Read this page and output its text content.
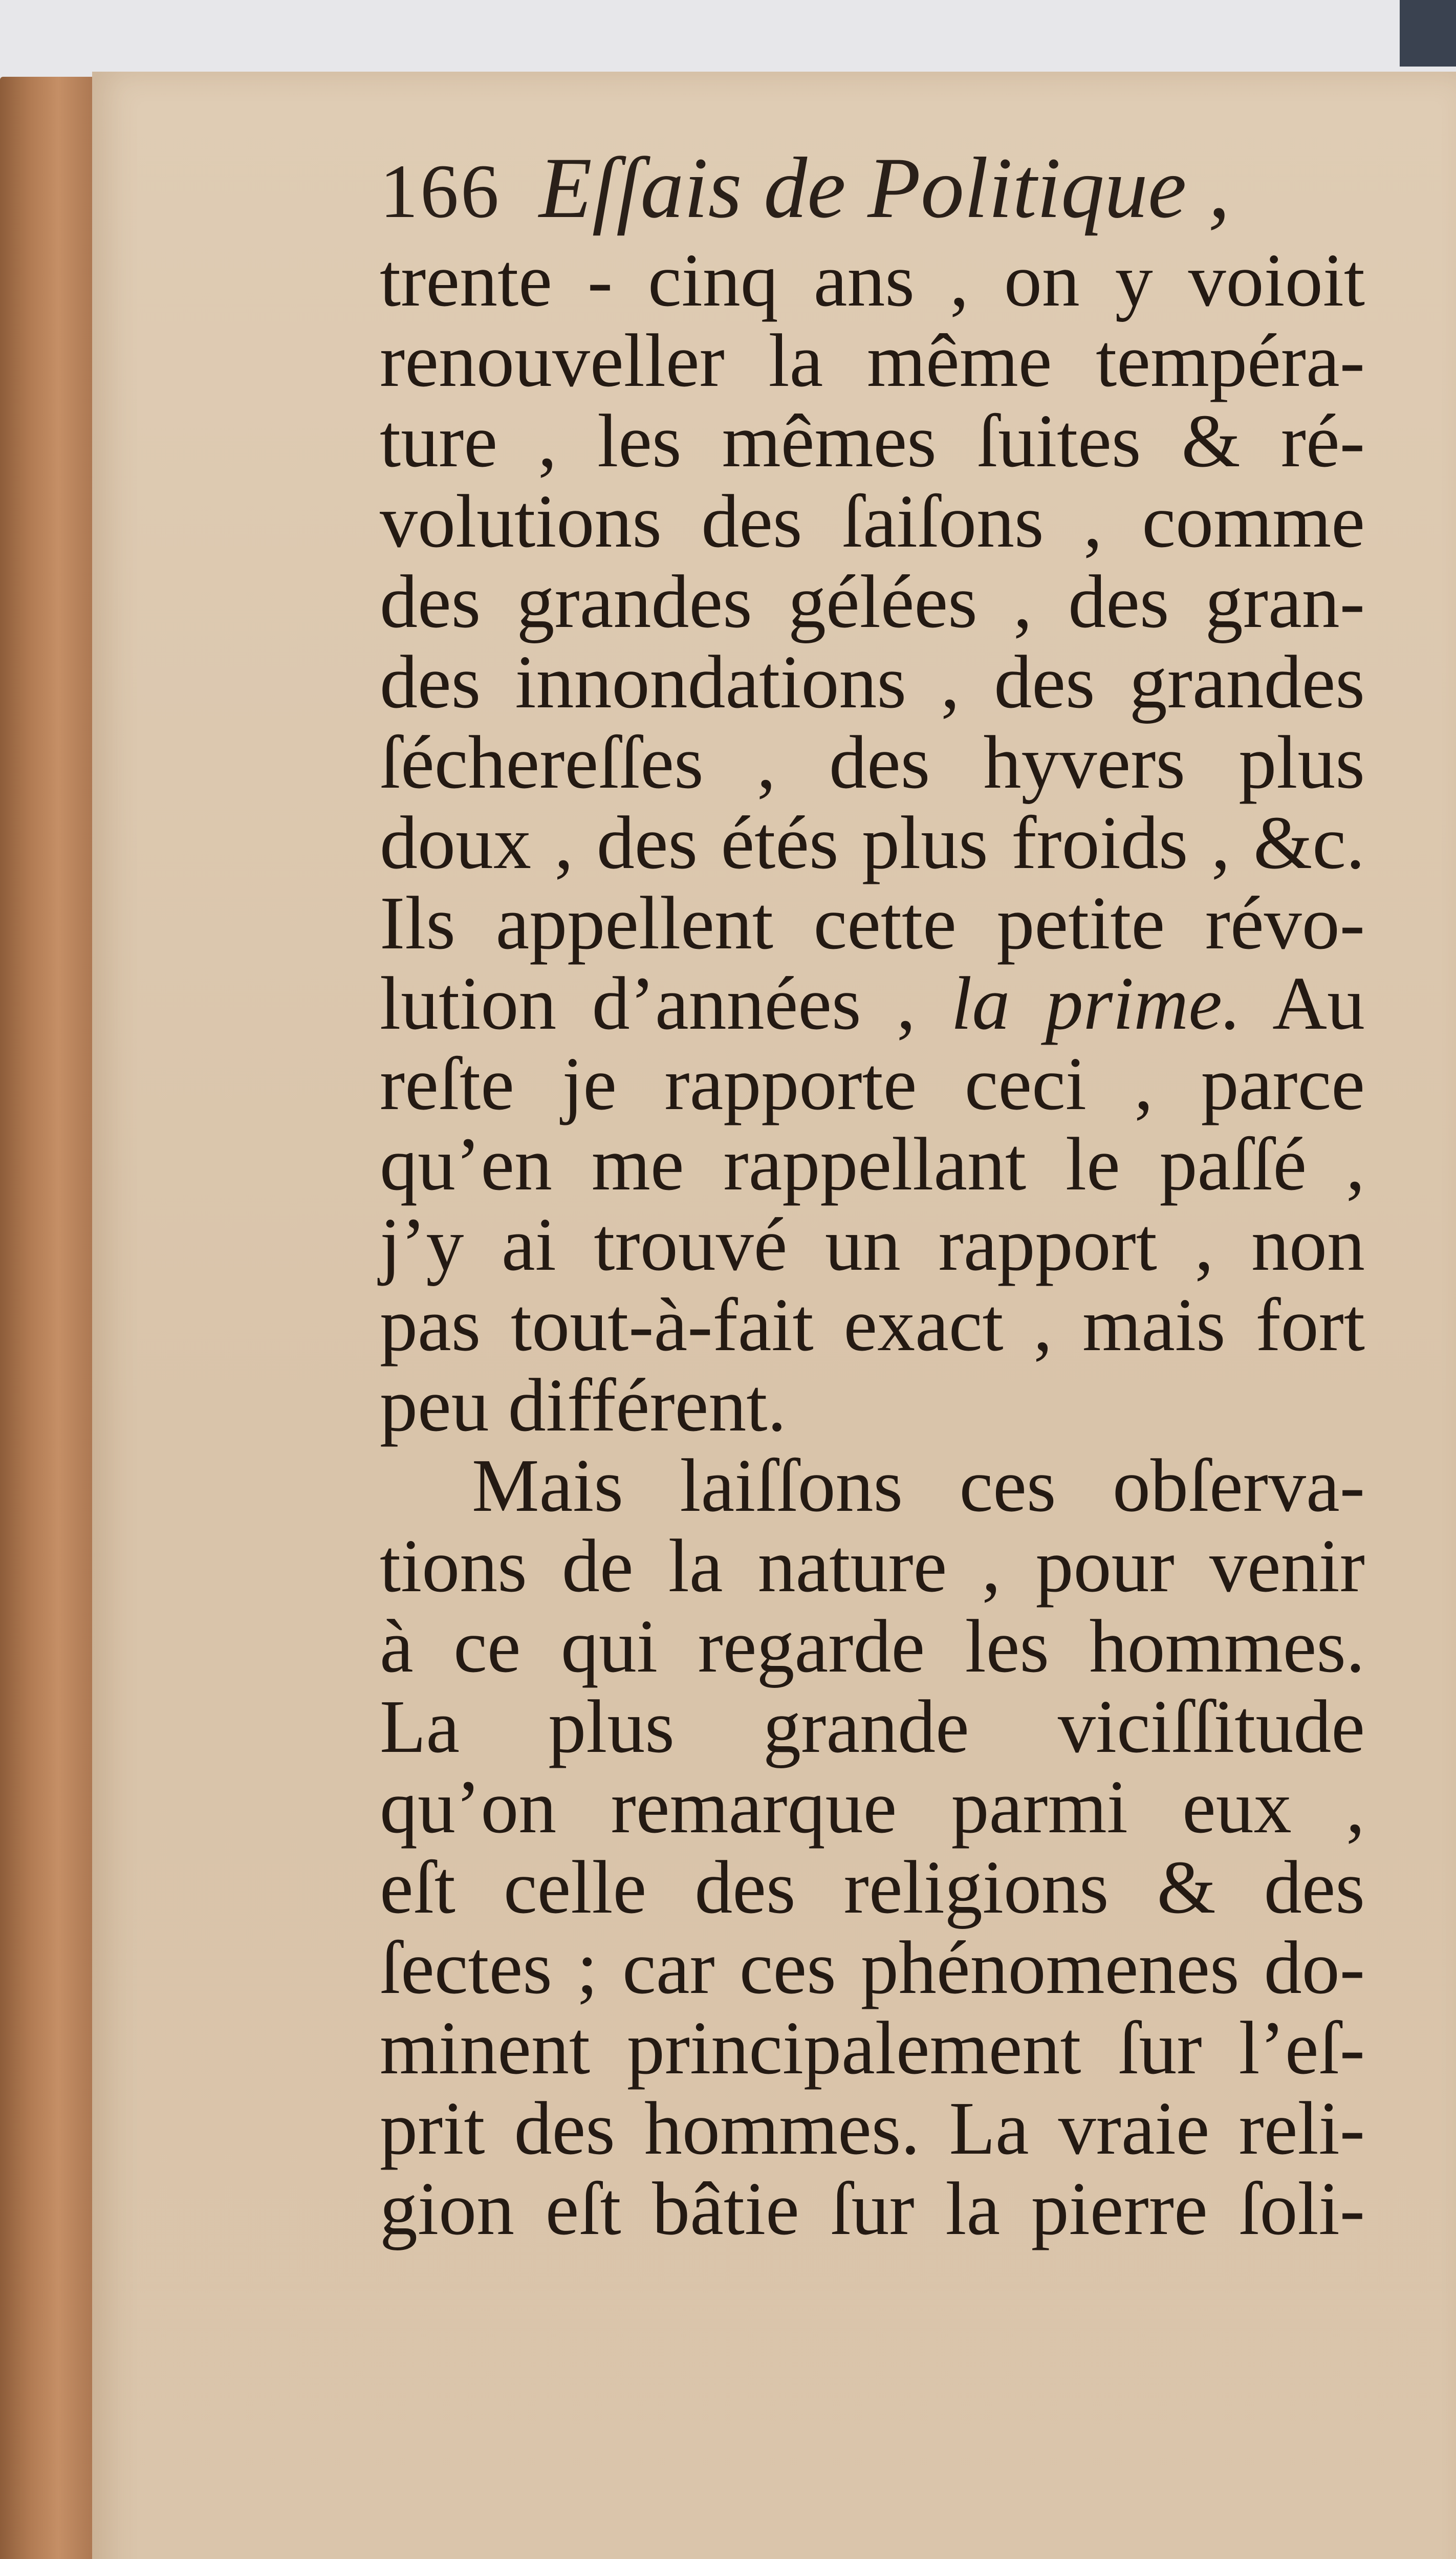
166 Eſſais de Politique ,
trente - cinq ans , on y voioit
renouveller la même tempéra-
ture , les mêmes ſuites & ré-
volutions des ſaiſons , comme
des grandes gélées , des gran-
des innondations , des grandes
ſéchereſſes , des hyvers plus
doux , des étés plus froids , &c.
Ils appellent cette petite révo-
lution d’années , la prime. Au
reſte je rapporte ceci , parce
qu’en me rappellant le paſſé ,
j’y ai trouvé un rapport , non
pas tout-à-fait exact , mais fort
peu différent.
Mais laiſſons ces obſerva-
tions de la nature , pour venir
à ce qui regarde les hommes.
La plus grande viciſſitude
qu’on remarque parmi eux ,
eſt celle des religions & des
ſectes ; car ces phénomenes do-
minent principalement ſur l’eſ-
prit des hommes. La vraie reli-
gion eſt bâtie ſur la pierre ſoli-
